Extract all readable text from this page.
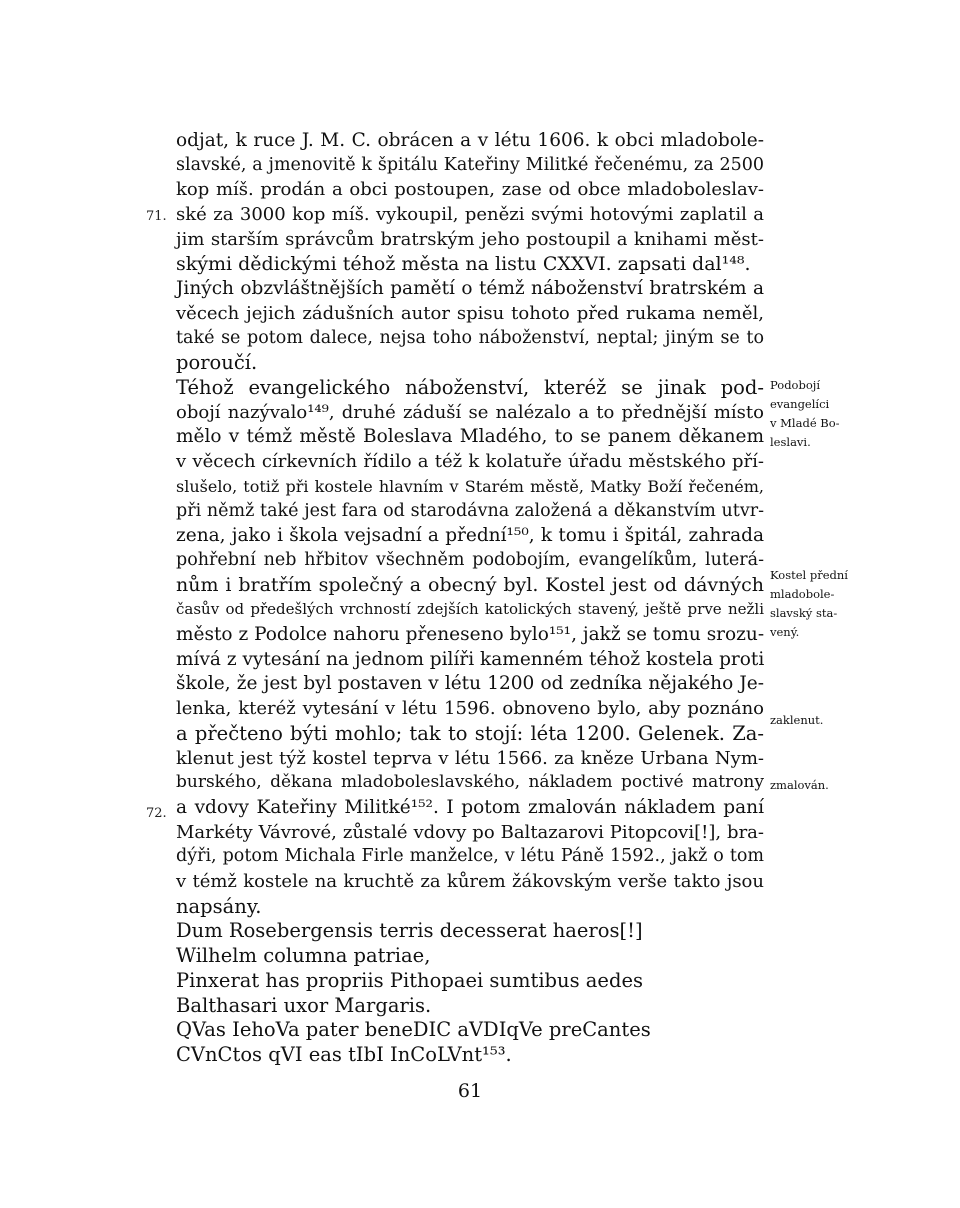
odjat, k ruce J. M. C. obrácen a v létu 1606. k obci mladobole-
slavské, a jmenovitě k špitálu Kateřiny Militké řečenému, za 2500
kop míš. prodán a obci postoupen, zase od obce mladoboleslav-
ské za 3000 kop míš. vykoupil, penězi svými hotovými zaplatil a
jim starším správcům bratrským jeho postoupil a knihami měst-
skými dědickými téhož města na listu CXXVI. zapsati dal¹⁴⁸.
Jiných obzvláštnějších pamětí o témž náboženství bratrském a
věcech jejich zádušních autor spisu tohoto před rukama neměl,
také se potom dalece, nejsa toho náboženství, neptal; jiným se to
poroučí.
Téhož evangelického náboženství, kteréž se jinak pod-
obojí nazývalo¹⁴⁹, druhé záduší se nalézalo a to přednější místo
mělo v témž městě Boleslava Mladého, to se panem děkanem
v věcech církevních řídilo a též k kolatuře úřadu městského pří-
slušelo, totiž při kostele hlavním v Starém městě, Matky Boží řečeném,
při němž také jest fara od starodávna založená a děkanstvím utvr-
zena, jako i škola vejsadní a přední¹⁵⁰, k tomu i špitál, zahrada
pohřební neb hřbitov všechněm podobojím, evangelíkům, luterá-
nům i bratřím společný a obecný byl. Kostel jest od dávných
časův od předešlých vrchností zdejších katolických stavený, ještě prve nežli
město z Podolce nahoru přeneseno bylo¹⁵¹, jakž se tomu srozu-
mívá z vytesání na jednom pilíři kamenném téhož kostela proti
škole, že jest byl postaven v létu 1200 od zedníka nějakého Je-
lenka, kteréž vytesání v létu 1596. obnoveno bylo, aby poznáno
a přečteno býti mohlo; tak to stojí: léta 1200. Gelenek. Za-
klenut jest týž kostel teprva v létu 1566. za kněze Urbana Nym-
burského, děkana mladoboleslavského, nákladem poctivé matrony
a vdovy Kateřiny Militké¹⁵². I potom zmalován nákladem paní
Markéty Vávrové, zůstalé vdovy po Baltazarovi Pitopcovi[!], bra-
dýři, potom Michala Firle manželce, v létu Páně 1592., jakž o tom
v témž kostele na kruchtě za kůrem žákovským verše takto jsou
napsány.
Dum Rosebergensis terris decesserat haeros[!]
Wilhelm columna patriae,
Pinxerat has propriis Pithopaei sumtibus aedes
Balthasari uxor Margaris.
QVas IehoVa pater beneDIC aVDIqVe preCantes
CVnCtos qVI eas tIbI InCoLVnt¹⁵³.
71.
72.
Podobojí
evangelíci
v Mladé Bo-
leslavi.
Kostel přední
mladobole-
slavský sta-
vený.
zaklenut.
zmalován.
61
